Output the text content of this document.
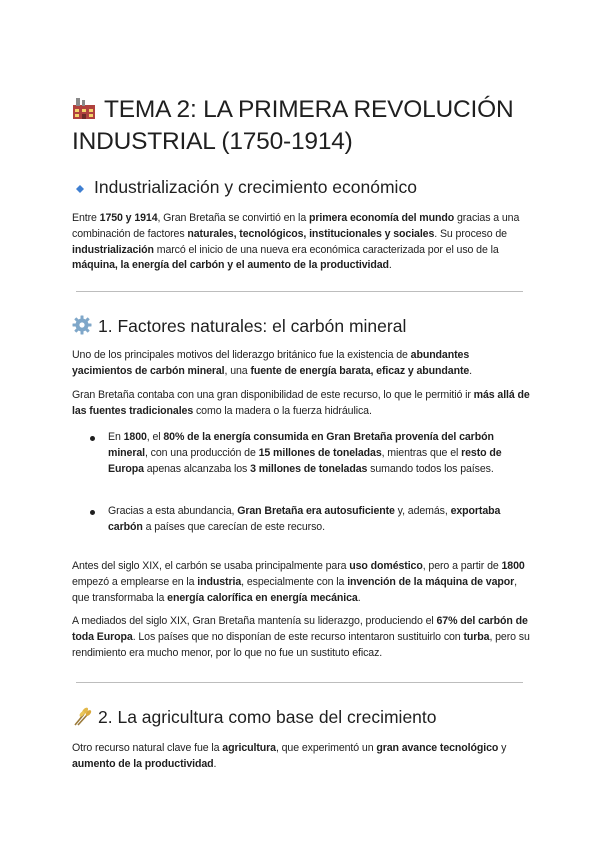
TEMA 2: LA PRIMERA REVOLUCIÓN INDUSTRIAL (1750-1914)
Industrialización y crecimiento económico

Entre 1750 y 1914, Gran Bretaña se convirtió en la primera economía del mundo gracias a una combinación de factores naturales, tecnológicos, institucionales y sociales. Su proceso de industrialización marcó el inicio de una nueva era económica caracterizada por el uso de la máquina, la energía del carbón y el aumento de la productividad.

1. Factores naturales: el carbón mineral

Uno de los principales motivos del liderazgo británico fue la existencia de abundantes yacimientos de carbón mineral, una fuente de energía barata, eficaz y abundante.

Gran Bretaña contaba con una gran disponibilidad de este recurso, lo que le permitió ir más allá de las fuentes tradicionales como la madera o la fuerza hidráulica.

En 1800, el 80% de la energía consumida en Gran Bretaña provenía del carbón mineral, con una producción de 15 millones de toneladas, mientras que el resto de Europa apenas alcanzaba los 3 millones de toneladas sumando todos los países.

Gracias a esta abundancia, Gran Bretaña era autosuficiente y, además, exportaba carbón a países que carecían de este recurso.

Antes del siglo XIX, el carbón se usaba principalmente para uso doméstico, pero a partir de 1800 empezó a emplearse en la industria, especialmente con la invención de la máquina de vapor, que transformaba la energía calorífica en energía mecánica.

A mediados del siglo XIX, Gran Bretaña mantenía su liderazgo, produciendo el 67% del carbón de toda Europa. Los países que no disponían de este recurso intentaron sustituirlo con turba, pero su rendimiento era mucho menor, por lo que no fue un sustituto eficaz.

2. La agricultura como base del crecimiento

Otro recurso natural clave fue la agricultura, que experimentó un gran avance tecnológico y aumento de la productividad.
